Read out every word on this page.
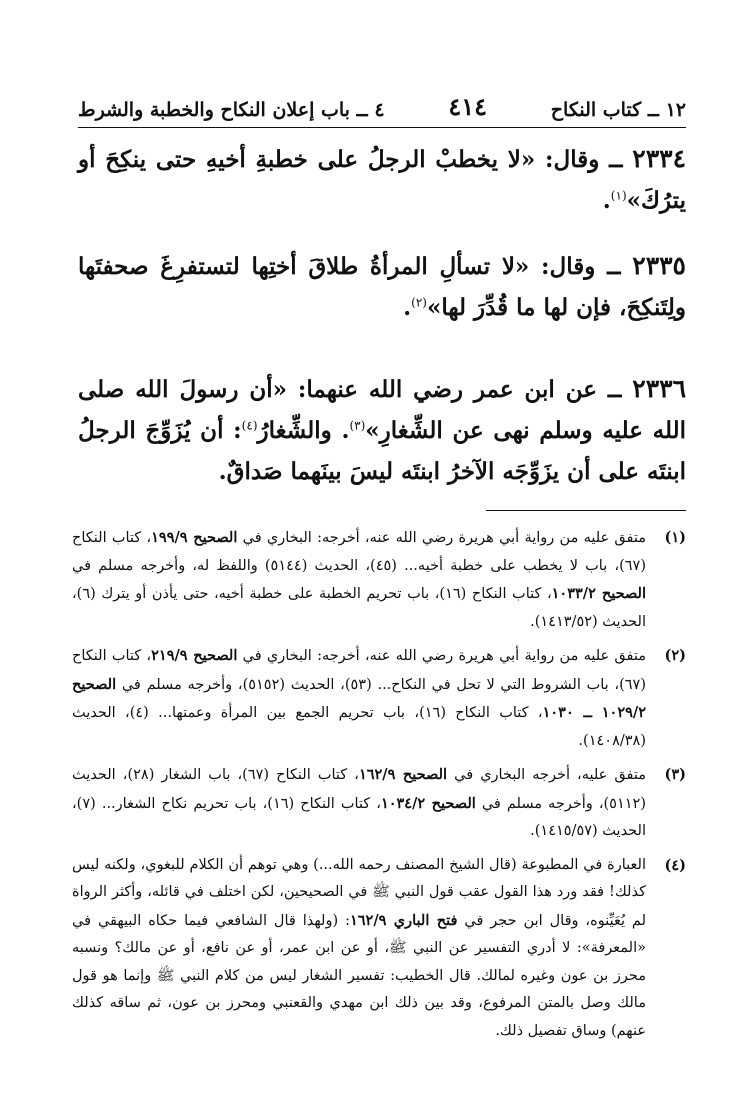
١٢ ــ كتاب النكاح
٤١٤
٤ ــ باب إعلان النكاح والخطبة والشرط

٢٣٣٤ ــ وقال: «لا يخطبْ الرجلُ على خطبةِ أخيهِ حتى ينكِحَ أو يترُكَ»$^{(١)}$.

٢٣٣٥ ــ وقال: «لا تسألِ المرأةُ طلاقَ أختِها لتستفرِغَ صحفتَها ولِتَنكِحَ، فإن لها ما قُدِّرَ لها»$^{(٢)}$.

٢٣٣٦ ــ عن ابن عمر رضي الله عنهما: «أن رسولَ الله صلى الله عليه وسلم نهى عن الشِّغارِ»$^{(٣)}$. والشِّغارُ$^{(٤)}$: أن يُزَوِّجَ الرجلُ ابنتَه على أن يزَوِّجَه الآخرُ ابنتَه ليسَ بينَهما صَداقٌ.

(١)
متفق عليه من رواية أبي هريرة رضي الله عنه، أخرجه: البخاري في الصحيح ١٩٩/٩، كتاب النكاح (٦٧)، باب لا يخطب على خطبة أخيه... (٤٥)، الحديث (٥١٤٤) واللفظ له، وأخرجه مسلم في الصحيح ١٠٣٣/٢، كتاب النكاح (١٦)، باب تحريم الخطبة على خطبة أخيه، حتى يأذن أو يترك (٦)، الحديث (١٤١٣/٥٢).
(٢)
متفق عليه من رواية أبي هريرة رضي الله عنه، أخرجه: البخاري في الصحيح ٢١٩/٩، كتاب النكاح (٦٧)، باب الشروط التي لا تحل في النكاح... (٥٣)، الحديث (٥١٥٢)، وأخرجه مسلم في الصحيح ١٠٢٩/٢ ــ ١٠٣٠، كتاب النكاح (١٦)، باب تحريم الجمع بين المرأة وعمتها... (٤)، الحديث (١٤٠٨/٣٨).
(٣)
متفق عليه، أخرجه البخاري في الصحيح ١٦٢/٩، كتاب النكاح (٦٧)، باب الشغار (٢٨)، الحديث (٥١١٢)، وأخرجه مسلم في الصحيح ١٠٣٤/٢، كتاب النكاح (١٦)، باب تحريم نكاح الشغار... (٧)، الحديث (١٤١٥/٥٧).
(٤)
العبارة في المطبوعة (قال الشيخ المصنف رحمه الله...) وهي توهم أن الكلام للبغوي، ولكنه ليس كذلك! فقد ورد هذا القول عقب قول النبي ﷺ في الصحيحين، لكن اختلف في قائله، وأكثر الرواة لم يُعَيِّنوه، وقال ابن حجر في فتح الباري ١٦٢/٩: (ولهذا قال الشافعي فيما حكاه البيهقي في «المعرفة»: لا أدري التفسير عن النبي ﷺ، أو عن ابن عمر، أو عن نافع، أو عن مالك؟ ونسبه محرز بن عون وغيره لمالك. قال الخطيب: تفسير الشغار ليس من كلام النبي ﷺ وإنما هو قول مالك وصل بالمتن المرفوع، وقد بين ذلك ابن مهدي والقعنبي ومحرز بن عون، ثم ساقه كذلك عنهم) وساق تفصيل ذلك.
